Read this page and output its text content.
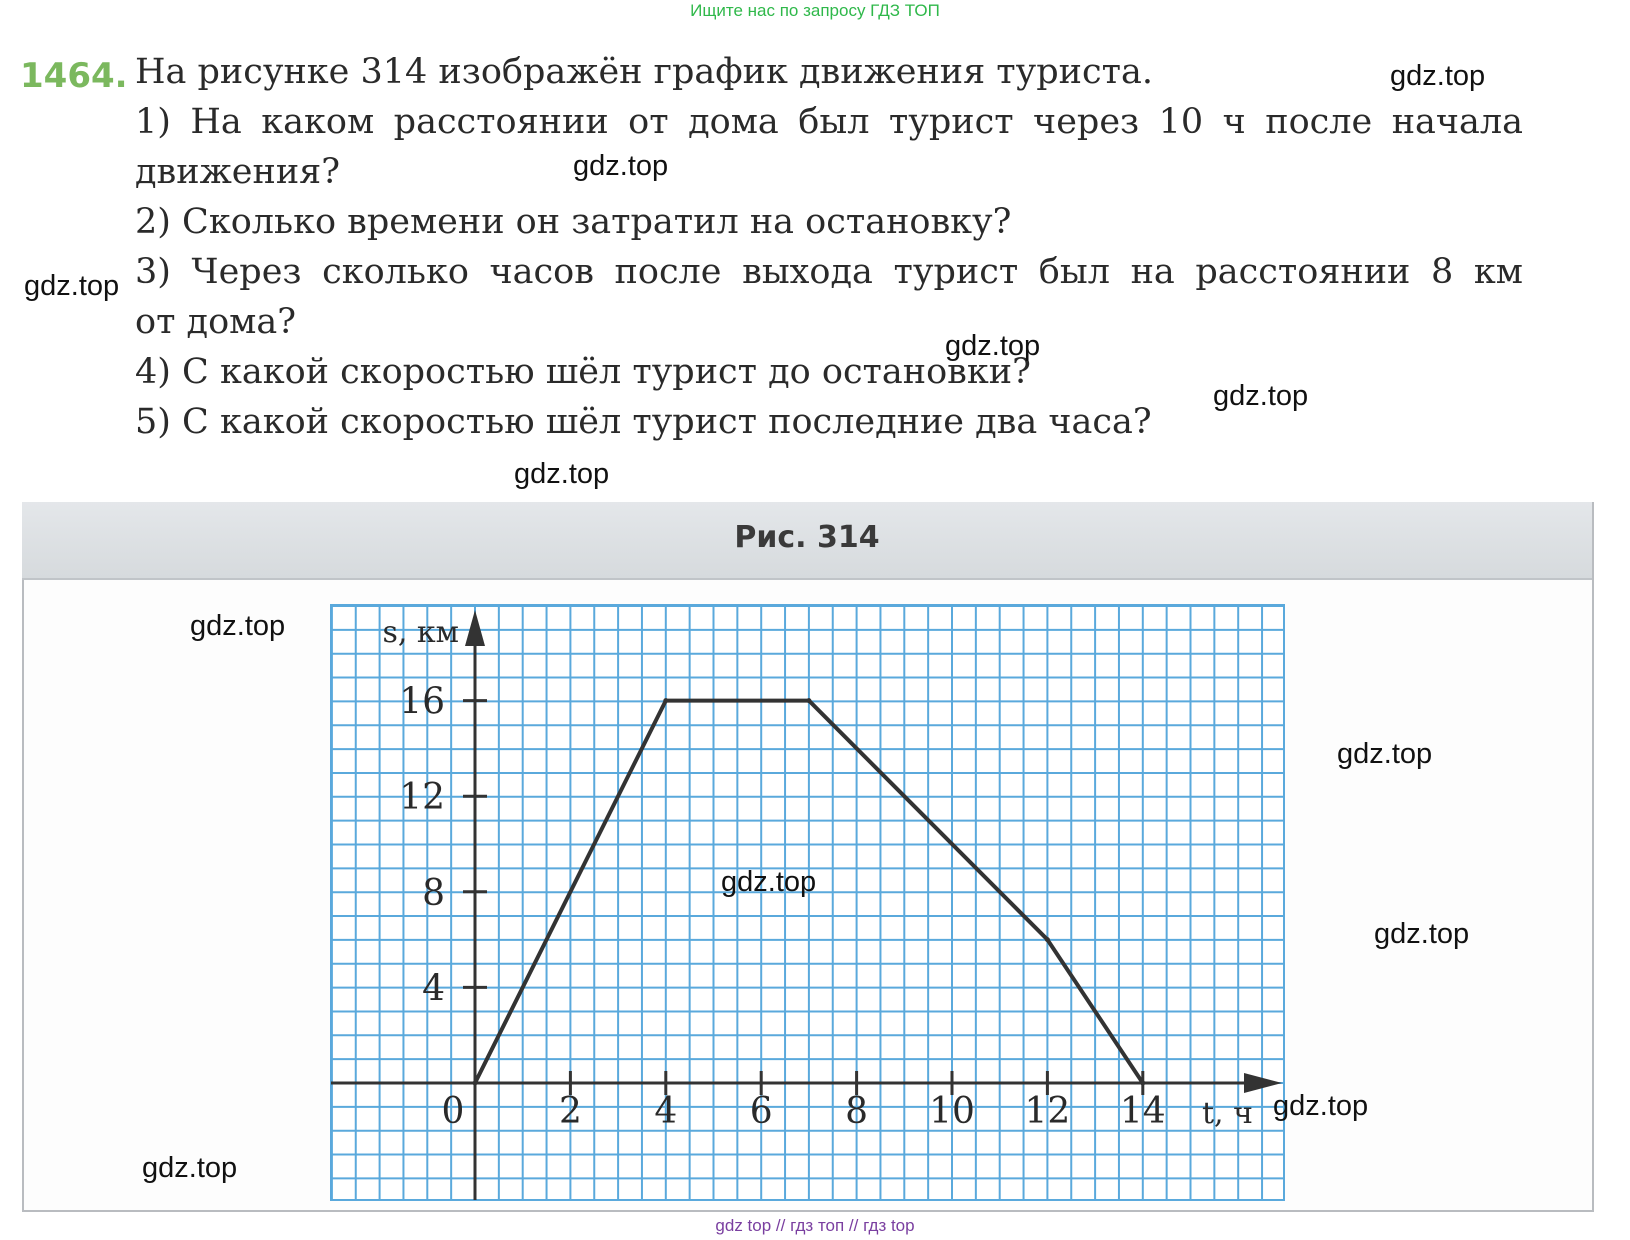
Ищите нас по запросу ГДЗ ТОП
1464. На рисунке 314 изображён график движения туриста.
1) На каком расстоянии от дома был турист через 10 ч после начала
движения?
2) Сколько времени он затратил на остановку?
3) Через сколько часов после выхода турист был на расстоянии 8 км
от дома?
4) С какой скоростью шёл турист до остановки?
5) С какой скоростью шёл турист последние два часа?
Рис. 314
0	2 4 6 8 10 12 14
4
8
12
16
s, км
t, ч
gdz.top
gdz.top
gdz.top
gdz.top
gdz.top
gdz.top
gdz.top
gdz.top
gdz.top
gdz.top
gdz.top
gdz.top
gdz top // гдз топ // гдз top
